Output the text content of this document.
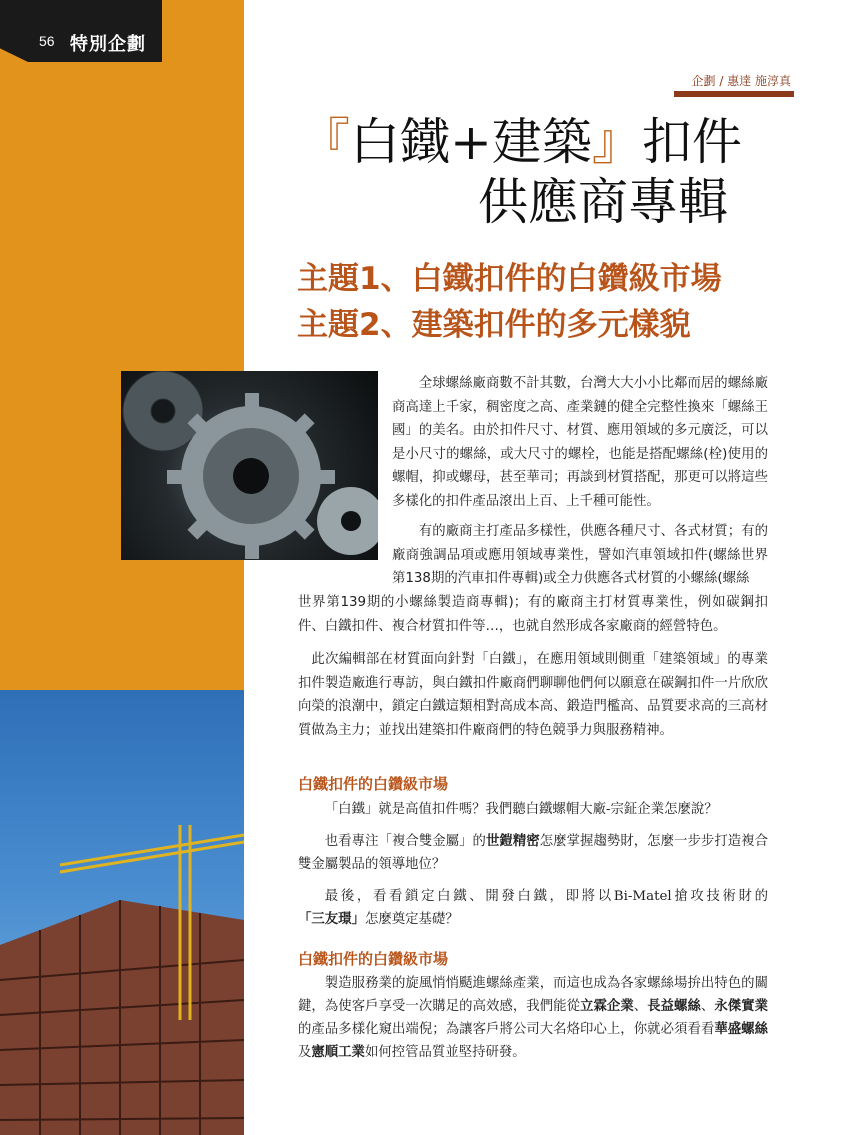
56 特別企劃
企劃 / 惠達 施淳真
『白鐵+建築』扣件
供應商專輯
主題1、白鐵扣件的白鑽級市場
主題2、建築扣件的多元樣貌
全球螺絲廠商數不計其數，台灣大大小小比鄰而居的螺絲廠商高達上千家，稠密度之高、產業鏈的健全完整性換來「螺絲王國」的美名。由於扣件尺寸、材質、應用領域的多元廣泛，可以是小尺寸的螺絲，或大尺寸的螺栓，也能是搭配螺絲(栓)使用的螺帽，抑或螺母，甚至華司；再談到材質搭配，那更可以將這些多樣化的扣件產品滾出上百、上千種可能性。
有的廠商主打產品多樣性，供應各種尺寸、各式材質；有的廠商強調品項或應用領域專業性，譬如汽車領域扣件(螺絲世界第138期的汽車扣件專輯)或全力供應各式材質的小螺絲(螺絲
世界第139期的小螺絲製造商專輯)；有的廠商主打材質專業性，例如碳鋼扣件、白鐵扣件、複合材質扣件等…，也就自然形成各家廠商的經營特色。
此次編輯部在材質面向針對「白鐵」，在應用領域則側重「建築領域」的專業扣件製造廠進行專訪，與白鐵扣件廠商們聊聊他們何以願意在碳鋼扣件一片欣欣向榮的浪潮中，鎖定白鐵這類相對高成本高、鍛造門檻高、品質要求高的三高材質做為主力；並找出建築扣件廠商們的特色競爭力與服務精神。
白鐵扣件的白鑽級市場
「白鐵」就是高值扣件嗎？我們聽白鐵螺帽大廠-宗鉦企業怎麼說？
也看專注「複合雙金屬」的世鎧精密怎麼掌握趨勢財，怎麼一步步打造複合雙金屬製品的領導地位？
最後，看看鎖定白鐵、開發白鐵，即將以Bi-Matel搶攻技術財的「三友璟」怎麼奠定基礎？
白鐵扣件的白鑽級市場
製造服務業的旋風悄悄颳進螺絲產業，而這也成為各家螺絲場拚出特色的關鍵，為使客戶享受一次購足的高效感，我們能從立霖企業、長益螺絲、永傑實業的產品多樣化窺出端倪；為讓客戶將公司大名烙印心上，你就必須看看華盛螺絲及憲順工業如何控管品質並堅持研發。
